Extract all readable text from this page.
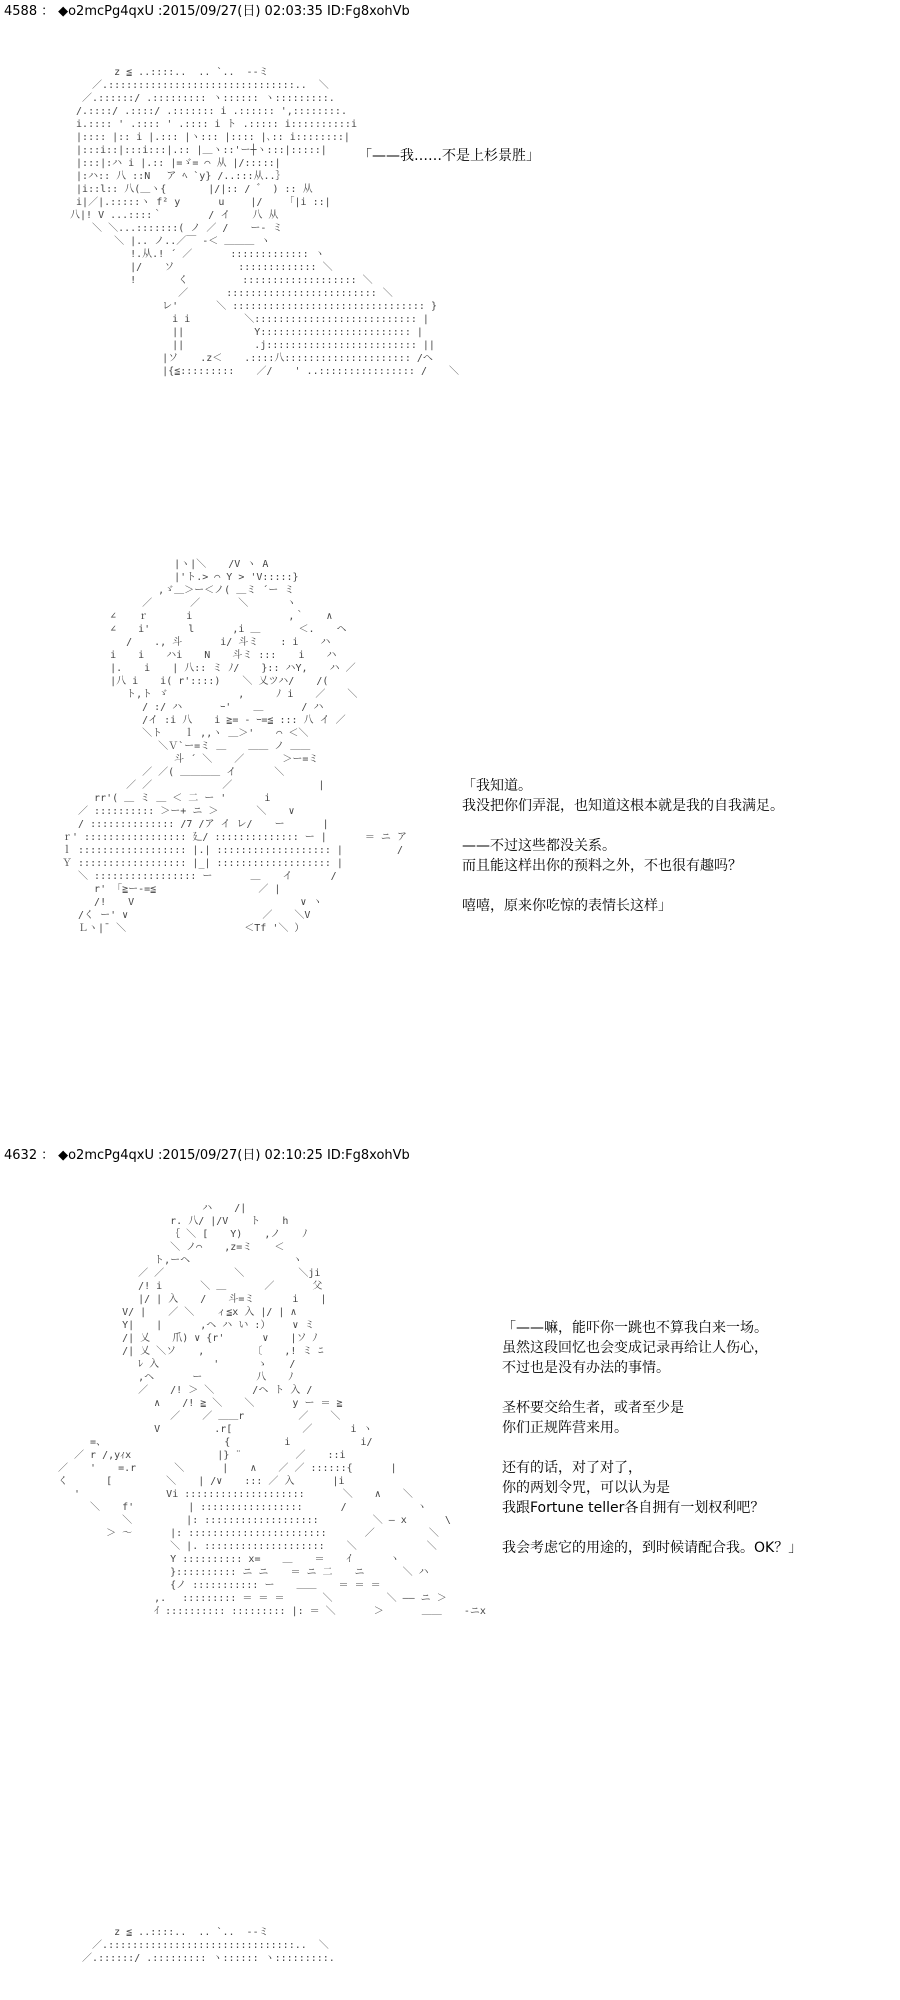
4588 ： ◆o2mcPg4qxU :2015/09/27(日) 02:03:35 ID:Fg8xohVb
　 　 　 　 z ≦ ..::::..  .. `..  --ミ
　 　 　／.:::::::::::::::::::::::::::::::..  ＼
　 　 ／.::::::/ .::::::::: ヽ:::::: ヽ:::::::::.
　 　/.::::/ .::::/ .::::::: i .:::::: ',::::::::.
　 　i.:::: ' .:::: ' .:::: i ト .::::: i::::::::::i
　 　|:::: |:: i |.::: |ヽ::: |:::: |､:: i::::::::|
　 　|:::i::|:::i:::|.:: |＿ヽ::'ー┼ヽ:::|:::::|
　 　|:::|:ハ i |.:: |=ゞ= ⌒ 从 |/:::::|
　 　|:ハ:: 八 ::N　 ア ﾍ `y} /..:::从..｝
　 　|i::l:: 八(＿ヽ{ 　　　 |/|:: / ゛ ) :: 从
　 　i|／|.:::::ヽ f² y 　 　 u　　 |/ 　 「|i ::|
　　八|! V ...::::｀ 　　　　/ イ 　 八 从
　 　 　＼ ＼...:::::::( ノ ／ / 　 ー‐ ミ
　 　 　 　 ＼ |.. ノ..／￣ ‐＜ ＿＿＿ ヽ
　 　 　 　 　 !.从.! ´ ／ 　 　 ::::::::::::: ヽ 　
　 　 　 　 　 |/ 　 ソ 　　 　 　 ::::::::::::: ＼
　 　 　 　 　 ! 　　　 く 　 　 　 ::::::::::::::::::: ＼
　 　 　 　 　 　 　 　 ／ 　 　 ::::::::::::::::::::::::: ＼
　 　 　 　 　 　 　 レ' 　 　 ＼ :::::::::::::::::::::::::::::::: }
　 　 　 　 　 　 　　 i i 　 　 　 ＼::::::::::::::::::::::::::: |
　 　 　 　 　 　 　 　|| 　 　 　 　 Y::::::::::::::::::::::::: |
　 　 　 　 　 　 　 　|| 　 　 　 　 .j::::::::::::::::::::::::: ||
　 　 　 　 　 　 　 |ソ 　 .z＜ 　 .::::八::::::::::::::::::::: /へ
　 　 　 　 　 　 　 |{≦::::::::: 　 ／/ 　 ' ..:::::::::::::::: / 　 ＼
「——我……不是上杉景胜」
　 　 　 　 　 　 　 |ヽ|＼ 　 /V ヽ A
　 　 　 　 　 　 　 |'ト.> ⌒ Y > 'V:::::}
　 　 　 　 　 　 ,ゞ＿＞ー＜ノ( ＿ミ ´ー ミ
　 　 　 　 　 ／ 　 　 ／ 　 　 ＼ 　 　 ヽ
　 　 　 ∠ 　 ｒ 　 　 i　 　 　 　 　 　 ,｀ 　 ∧
　 　 　 ∠ 　 i' 　 　 l 　 　 ,i ＿ 　 　 ＜. 　 ヘ
　 　 　 　 / 　 ., 斗 　 　 i/ 斗ミ 　 : i 　 ハ
　 　 　 i 　 i 　 ハi 　 N 　 斗ミ ::: 　 i 　 ハ
　 　 　 |. 　 i 　 | 八:: ミ ﾉ/ 　 }:: ハY, 　 ハ ／
　 　 　 |八 i 　 i( r'::::) 　 ＼ 乂ツハ/ 　 /( 　
　 　 　 　 ト,ト ゞ 　 　 　 　 ,　 　 ﾉ i 　 ／ 　 ＼
　 　 　 　 　 / :/ ハ 　 　 ｰ' 　 ＿ 　 　 / ハ
　 　 　 　 　 /イ :i 八 　 i ≧= ‐ ｰ=≦ ::: 八 イ ／
　 　 　 　 　 ＼ト 　 ｌ ,,ヽ ＿＞' 　 ⌒ ＜＼
　 　 　 　 　 　 ＼Ｖ`ー=ミ ＿ 　 ＿＿ ノ ＿＿
　 　 　 　 　 　 　 斗 ´ ＼ 　 ／ 　 　 ＞ー=ミ
　 　 　 　 　 ／ ／( ＿＿＿＿ イ 　 　 ＼
　 　 　 　 ／ ／ 　 　 　 　 ／ 　 　 　 　 　 |
　 　 rr'( ＿ ミ ＿ ＜ 二 ー ' 　 　 i
　 ／ :::::::::: ＞ー+ ニ ＞ 　 　 ＼ 　 ∨
　 / :::::::::::::: /7 /ア イ レ/ 　 ー 　 　 |
ｒ' ::::::::::::::::: 廴/ :::::::::::::: ー | 　 　 ＝ ニ ア
ｌ :::::::::::::::::: |.| ::::::::::::::::::: | 　 　 　 /
Ｙ :::::::::::::::::: |_| ::::::::::::::::::: |
　 ＼ ::::::::::::::::: ー 　 　 ＿ 　 イ 　 　 /
　 　 r' 「≧ー‐=≦ 　 　 　 　 　 　 ／ |
　 　 /! 　 V 　 　 　 　 　 　 　 　 　 　 ∨ ヽ
　 /く ー' ∨ 　 　 　 　 　 　 　 　 ／ 　 ＼V
　 Ｌヽ|¯ ＼ 　 　 　 　 　 　 　 ＜Tf '＼ ）
「我知道。
我没把你们弄混，也知道这根本就是我的自我满足。

——不过这些都没关系。
而且能这样出你的预料之外，不也很有趣吗？

嘻嘻，原来你吃惊的表情长这样」
4632 ： ◆o2mcPg4qxU :2015/09/27(日) 02:10:25 ID:Fg8xohVb
　 　 　 　 　 　 　 　 　 ハ 　 /|
　 　 　 　 　 　 　 r. 八/ |/V 　 ト 　 h
　 　 　 　 　 　 　 ｛ ＼ [ 　 Y) 　 ,ノ 　 ﾉ
　 　 　 　 　 　 　 ＼ ノ⌒ 　 ,z=ミ 　 ＜
　 　 　 　 　 　 ト,ーヘ 　 　 　 　 　 　 ヽ
　 　 　 　 　 ／ ／ 　 　 　 　 ＼ 　 　 　 ＼ji
　 　 　 　 　 /! i 　 　 ＼ ＿ 　 　 ／ 　 　 父
　 　 　 　 　 |/ | 入 　 / 　 斗=ミ 　 　 i 　 |
　 　 　 　 V/ | 　 ／ ＼ 　 ィ≦x 入 |/ | ∧
　 　 　 　 Y| 　 | 　 　 ,ヘ ハ い :） 　 ∨ ミ
　 　 　 　 /| 乂 　 爪) ∨ {r' 　 　 ∨ 　 |ソ ﾉ
　 　 　 　 /| 乂 ＼ソ 　 ,　 　 　 〔 　 ,! ミ ﾆ
　 　 　 　 　 ﾚ 入 　 　 　 ' 　 　 ゝ 　 /
　 　 　 　 　 ,ヘ 　 　 ー 　 　 　 八 　 ﾉ
　 　 　 　 　 ／ 　 /! ＞ ＼ 　 　 /ヘ ト 入 /
　 　 　 　 　 　 ∧ 　 /! ≧ ＼ 　 ＼ 　 　 y ー ＝ ≧
　 　 　 　 　 　 　 ／ 　 ／ ＿＿r 　 　 　 ／ 　 ＼
　 　 　 　 　 　 V 　 　 　 .r[ 　 　 　 　 ／ 　 　 i ヽ
　 　 =、 　 　 　 　 　 　 　 { 　 　 　 i 　 　 　 　 i/
　 ／ r /,yｨx 　 　 　 　 　 |} ¨ 　 　 　 ／ 　 ::i
／ 　 ' 　 =.r 　 　 ＼ 　 　 | 　 ∧ 　 ／ ／ ::::::{ 　 　 |
く 　 　 [ 　 　 　 ＼ 　 | /∨ 　 ::: ／ 入 　 　 |i
　 ' 　 　 　 　 　 Vi :::::::::::::::::::: 　 　 ＼ 　 ∧ 　 ＼
　 　 ＼ 　 f' 　 　 　 | ::::::::::::::::: 　 　 / 　 　 　 　 ヽ
　 　 　 　 ＼ 　 　 　 |: ::::::::::::::::::: 　 　 　 ＼ ― x 　 　 \
　 　 　 ＞ ～ 　 　 |: ::::::::::::::::::::::: 　 　 ／ 　 　 　 ＼
　 　 　 　 　 　 　 ＼ |. :::::::::::::::::::: 　 ＼ 　 　 　 　 ＼
　 　 　 　 　 　 　 Y :::::::::: x= 　 ＿ 　 ＝ 　 ｲ 　 　 ヽ
　 　 　 　 　 　 　 }:::::::::: ニ ニ 　 ＝ ニ 二 　 ニ 　 　 ＼ ハ
　 　 　 　 　 　 　 {ノ ::::::::::: ー 　 ＿＿ 　 ＝ ＝ ＝
　 　 　 　 　 　 ,.　 ::::::::: ＝ ＝ ＝ 　 　 ＼ 　 　 　 ＼ ―― ニ ＞
　 　 　 　 　 　 ｲ :::::::::: ::::::::: |: ＝ ＼ 　 　 ＞ 　 　 ＿＿ 　 ‐ニx
「——嘛，能吓你一跳也不算我白来一场。
虽然这段回忆也会变成记录再给让人伤心，
不过也是没有办法的事情。

圣杯要交给生者，或者至少是
你们正规阵营来用。

还有的话，对了对了，
你的两划令咒，可以认为是
我跟Fortune teller各自拥有一划权利吧？

我会考虑它的用途的，到时候请配合我。OK？」
　 　 　 　 z ≦ ..::::..  .. `..  --ミ
　 　 　／.:::::::::::::::::::::::::::::::..  ＼
　 　 ／.::::::/ .::::::::: ヽ:::::: ヽ:::::::::.
